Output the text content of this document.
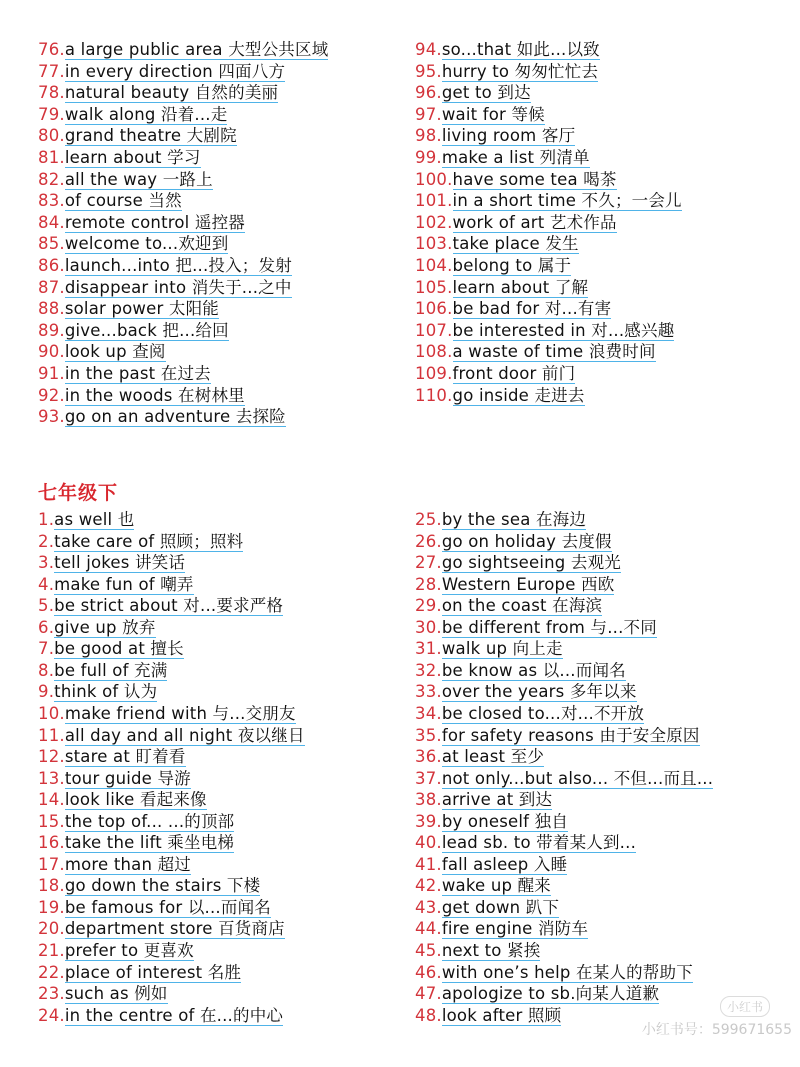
76.a large public area 大型公共区域
77.in every direction 四面八方
78.natural beauty 自然的美丽
79.walk along 沿着...走
80.grand theatre 大剧院
81.learn about 学习
82.all the way 一路上
83.of course 当然
84.remote control 遥控器
85.welcome to...欢迎到
86.launch...into 把...投入；发射
87.disappear into 消失于...之中
88.solar power 太阳能
89.give...back 把...给回
90.look up 查阅
91.in the past 在过去
92.in the woods 在树林里
93.go on an adventure 去探险
94.so...that 如此...以致
95.hurry to 匆匆忙忙去
96.get to 到达
97.wait for 等候
98.living room 客厅
99.make a list 列清单
100.have some tea 喝茶
101.in a short time 不久；一会儿
102.work of art 艺术作品
103.take place 发生
104.belong to 属于
105.learn about 了解
106.be bad for 对...有害
107.be interested in 对...感兴趣
108.a waste of time 浪费时间
109.front door 前门
110.go inside 走进去
七年级下
1.as well 也
2.take care of 照顾；照料
3.tell jokes 讲笑话
4.make fun of 嘲弄
5.be strict about 对...要求严格
6.give up 放弃
7.be good at 擅长
8.be full of 充满
9.think of 认为
10.make friend with 与...交朋友
11.all day and all night 夜以继日
12.stare at 盯着看
13.tour guide 导游
14.look like 看起来像
15.the top of... ...的顶部
16.take the lift 乘坐电梯
17.more than 超过
18.go down the stairs 下楼
19.be famous for 以...而闻名
20.department store 百货商店
21.prefer to 更喜欢
22.place of interest 名胜
23.such as 例如
24.in the centre of 在...的中心
25.by the sea 在海边
26.go on holiday 去度假
27.go sightseeing 去观光
28.Western Europe 西欧
29.on the coast 在海滨
30.be different from 与...不同
31.walk up 向上走
32.be know as 以...而闻名
33.over the years 多年以来
34.be closed to...对...不开放
35.for safety reasons 由于安全原因
36.at least 至少
37.not only...but also... 不但...而且...
38.arrive at 到达
39.by oneself 独自
40.lead sb. to 带着某人到...
41.fall asleep 入睡
42.wake up 醒来
43.get down 趴下
44.fire engine 消防车
45.next to 紧挨
46.with one’s help 在某人的帮助下
47.apologize to sb.向某人道歉
48.look after 照顾	小红书
小红书号：599671655
